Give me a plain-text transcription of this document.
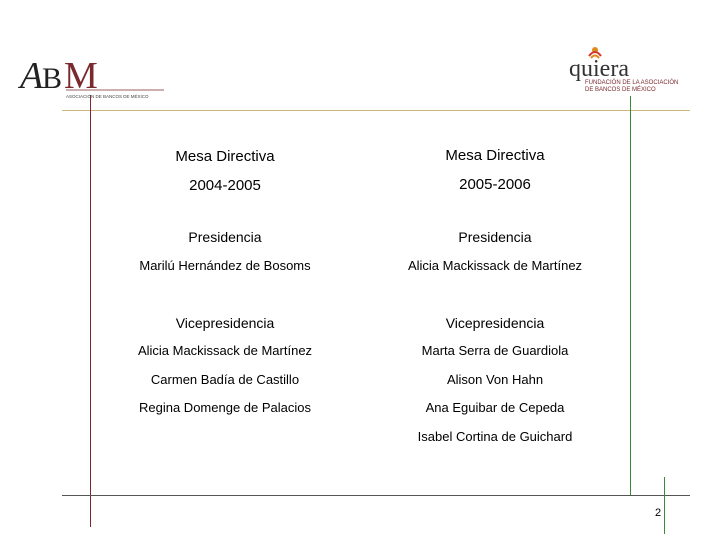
A
B M
ASOCIACIÓN DE BANCOS DE MÉXICO
quiera
FUNDACIÓN DE LA ASOCIACIÓN
DE BANCOS DE MÉXICO
Mesa Directiva
2004-2005
Presidencia
Marilú Hernández de Bosoms
Vicepresidencia
Alicia Mackissack de Martínez
Carmen Badía de Castillo
Regina Domenge de Palacios
Mesa Directiva
2005-2006
Presidencia
Alicia Mackissack de Martínez
Vicepresidencia
Marta Serra de Guardiola
Alison Von Hahn
Ana Eguibar de Cepeda
Isabel Cortina de Guichard
2
